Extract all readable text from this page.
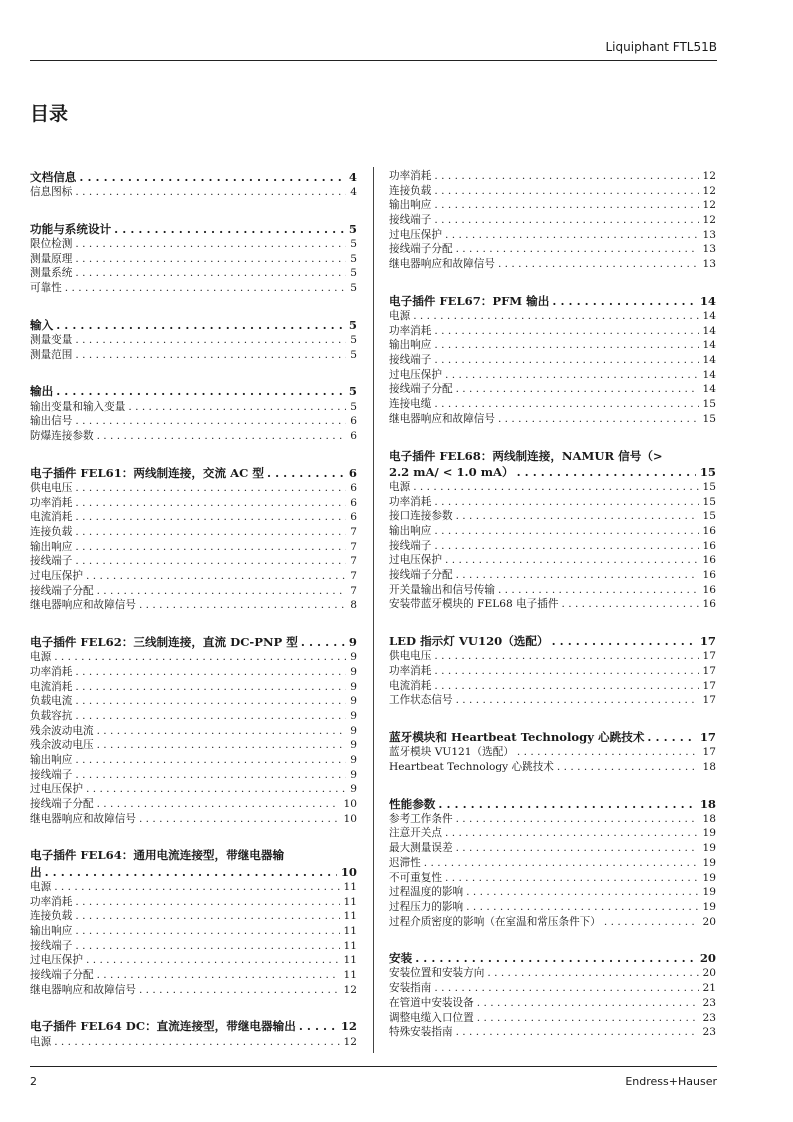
Liquiphant FTL51B
目录
文档信息 . . .	4
信息图标 . . .	4
功能与系统设计 . . .	5
限位检测 . . .	5
测量原理 . . .	5
测量系统 . . .	5
可靠性 . . .	5
输入 . . .	5
测量变量 . . .	5
测量范围 . . .	5
输出 . . .	5
输出变量和输入变量 . . .	5
输出信号 . . .	6
防爆连接参数 . . .	6
电子插件 FEL61：两线制连接，交流 AC 型 . . .	6
供电电压 . . .	6
功率消耗 . . .	6
电流消耗 . . .	6
连接负载 . . .	7
输出响应 . . .	7
接线端子 . . .	7
过电压保护 . . .	7
接线端子分配 . . .	7
继电器响应和故障信号 . . .	8
电子插件 FEL62：三线制连接，直流 DC-PNP 型 . . .	9
电源 . . .	9
功率消耗 . . .	9
电流消耗 . . .	9
负载电流 . . .	9
负载容抗 . . .	9
残余波动电流 . . .	9
残余波动电压 . . .	9
输出响应 . . .	9
接线端子 . . .	9
过电压保护 . . .	9
接线端子分配 . . .	10
继电器响应和故障信号 . . .	10
电子插件 FEL64：通用电流连接型，带继电器输
出 . . .	10
电源 . . .	11
功率消耗 . . .	11
连接负载 . . .	11
输出响应 . . .	11
接线端子 . . .	11
过电压保护 . . .	11
接线端子分配 . . .	11
继电器响应和故障信号 . . .	12
电子插件 FEL64 DC：直流连接型，带继电器输出 . . .	12
电源 . . .	12
功率消耗 . . .	12
连接负载 . . .	12
输出响应 . . .	12
接线端子 . . .	12
过电压保护 . . .	13
接线端子分配 . . .	13
继电器响应和故障信号 . . .	13
电子插件 FEL67：PFM 输出 . . .	14
电源 . . .	14
功率消耗 . . .	14
输出响应 . . .	14
接线端子 . . .	14
过电压保护 . . .	14
接线端子分配 . . .	14
连接电缆 . . .	15
继电器响应和故障信号 . . .	15
电子插件 FEL68：两线制连接，NAMUR 信号（>
2.2 mA/ < 1.0 mA） . . .	15
电源 . . .	15
功率消耗 . . .	15
接口连接参数 . . .	15
输出响应 . . .	16
接线端子 . . .	16
过电压保护 . . .	16
接线端子分配 . . .	16
开关量输出和信号传输 . . .	16
安装带蓝牙模块的 FEL68 电子插件 . . .	16
LED 指示灯 VU120（选配） . . .	17
供电电压 . . .	17
功率消耗 . . .	17
电流消耗 . . .	17
工作状态信号 . . .	17
蓝牙模块和 Heartbeat Technology 心跳技术 . . .	17
蓝牙模块 VU121（选配） . . .	17
Heartbeat Technology 心跳技术 . . .	18
性能参数 . . .	18
参考工作条件 . . .	18
注意开关点 . . .	19
最大测量误差 . . .	19
迟滞性 . . .	19
不可重复性 . . .	19
过程温度的影响 . . .	19
过程压力的影响 . . .	19
过程介质密度的影响（在室温和常压条件下） . . .	20
安装 . . .	20
安装位置和安装方向 . . .	20
安装指南 . . .	21
在管道中安装设备 . . .	23
调整电缆入口位置 . . .	23
特殊安装指南 . . .	23
2	Endress+Hauser
